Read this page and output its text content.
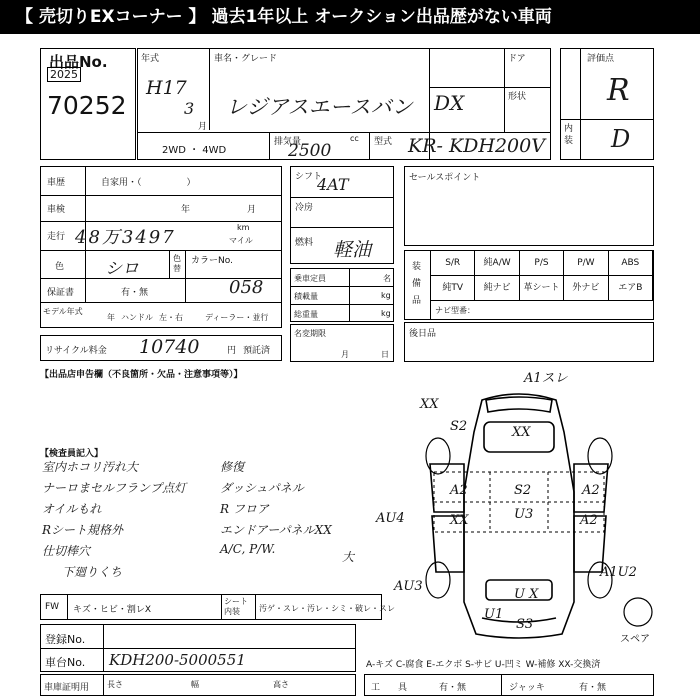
【 売切りEXコーナー 】 過去1年以上 オークション出品歴がない車両
出品No.
2025
70252
年式
H17
3
月
車名・グレード
レジアスエースバン DX
ドア
形状
2WD ・ 4WD
排気量	cc
2500	型式 KR- KDH200V
評価点
R
内装 D
車歴	自家用・（　　　　　）
車検	年	月
走行 48万3497	km
マイル
色 シロ
色替
カラーNo.
058
保証書	有・無
モデル年式
年 ハンドル 左・右	ディーラー・並行
リサイクル料金 10740	円 預託済
シフト
4AT
冷房
燃料 軽油
乗車定員	名
積載量	kg
総重量	kg
名変期限
月	日
セールスポイント
装備品
S/R	純A/W	P/S	P/W	ABS
純TV	純ナビ	革シート	外ナビ	エアB
ナビ型番：
後日品
【出品店申告欄（不良箇所・欠品・注意事項等）】
【検査員記入】
室内ホコリ汚れ大
ナーロまセルフランプ点灯
オイルもれ
Rシート規格外
仕切棒穴
下廻りくち
修復
ダッシュパネル
R フロア
エンドアーパネルXX
A/C, P/W.
大
FW キズ・ヒビ・割レX
シート内装	汚ゲ・スレ・汚レ・シミ・破レ・スレ
登録No.
車台No. KDH200-5000551
車庫証明用 長さ	幅	高さ	工　　具	有・無	ジャッキ	有・無
A-キズ C-腐食 E-エクボ S-サビ U-凹ミ W-補修 XX-交換済
A1スレ
XX
S2	XX
A2	S2	A2
XX	U3	A2
AU4
AU3
A1U2
U X
S3
U1
スペア
